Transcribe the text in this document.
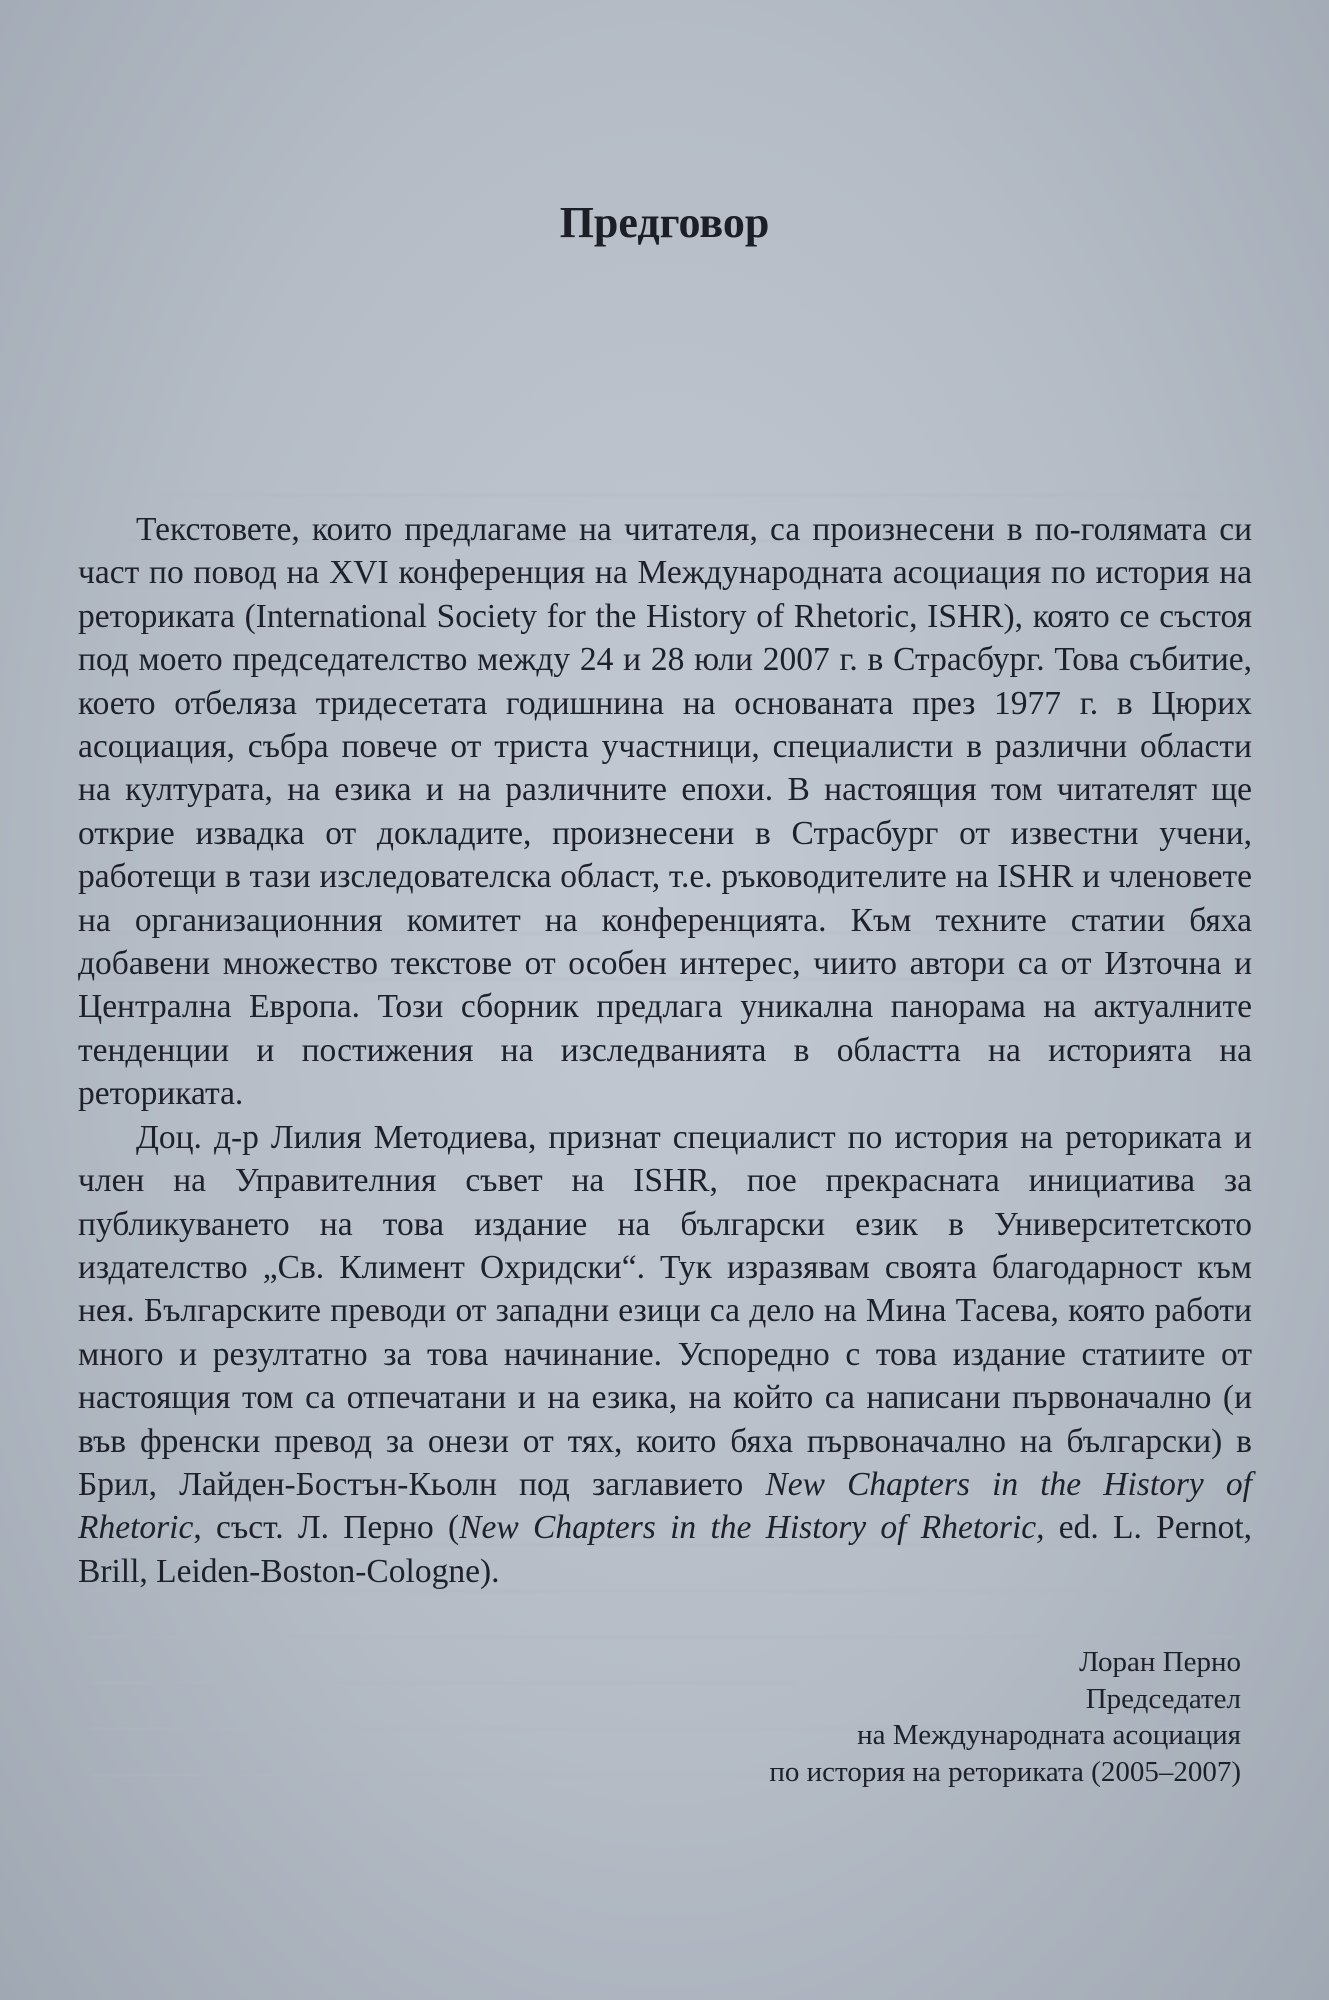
Предговор

Текстовете, които предлагаме на читателя, са произнесени в по-голямата си част по повод на XVI конференция на Международната асоциация по история на реториката (International Society for the History of Rhetoric, ISHR), която се състоя под моето председателство между 24 и 28 юли 2007 г. в Страсбург. Това събитие, което отбеляза тридесетата годишнина на основаната през 1977 г. в Цюрих асоциация, събра повече от триста участници, специалисти в различни области на културата, на езика и на различните епохи. В настоящия том читателят ще открие извадка от докладите, произнесени в Страсбург от известни учени, работещи в тази изследователска област, т.е. ръководителите на ISHR и членовете на организационния комитет на конференцията. Към техните статии бяха добавени множество текстове от особен интерес, чиито автори са от Източна и Централна Европа. Този сборник предлага уникална панорама на актуалните тенденции и постижения на изследванията в областта на историята на реториката.

Доц. д-р Лилия Методиева, признат специалист по история на реториката и член на Управителния съвет на ISHR, пое прекрасната инициатива за публикуването на това издание на български език в Университетското издателство „Св. Климент Охридски“. Тук изразявам своята благодарност към нея. Българските преводи от западни езици са дело на Мина Тасева, която работи много и резултатно за това начинание. Успоредно с това издание статиите от настоящия том са отпечатани и на езика, на който са написани първоначално (и във френски превод за онези от тях, които бяха първоначално на български) в Брил, Лайден-Бостън-Кьолн под заглавието New Chapters in the History of Rhetoric, съст. Л. Перно (New Chapters in the History of Rhetoric, ed. L. Pernot, Brill, Leiden-Boston-Cologne).

Лоран Перно
Председател
на Международната асоциация
по история на реториката (2005–2007)
